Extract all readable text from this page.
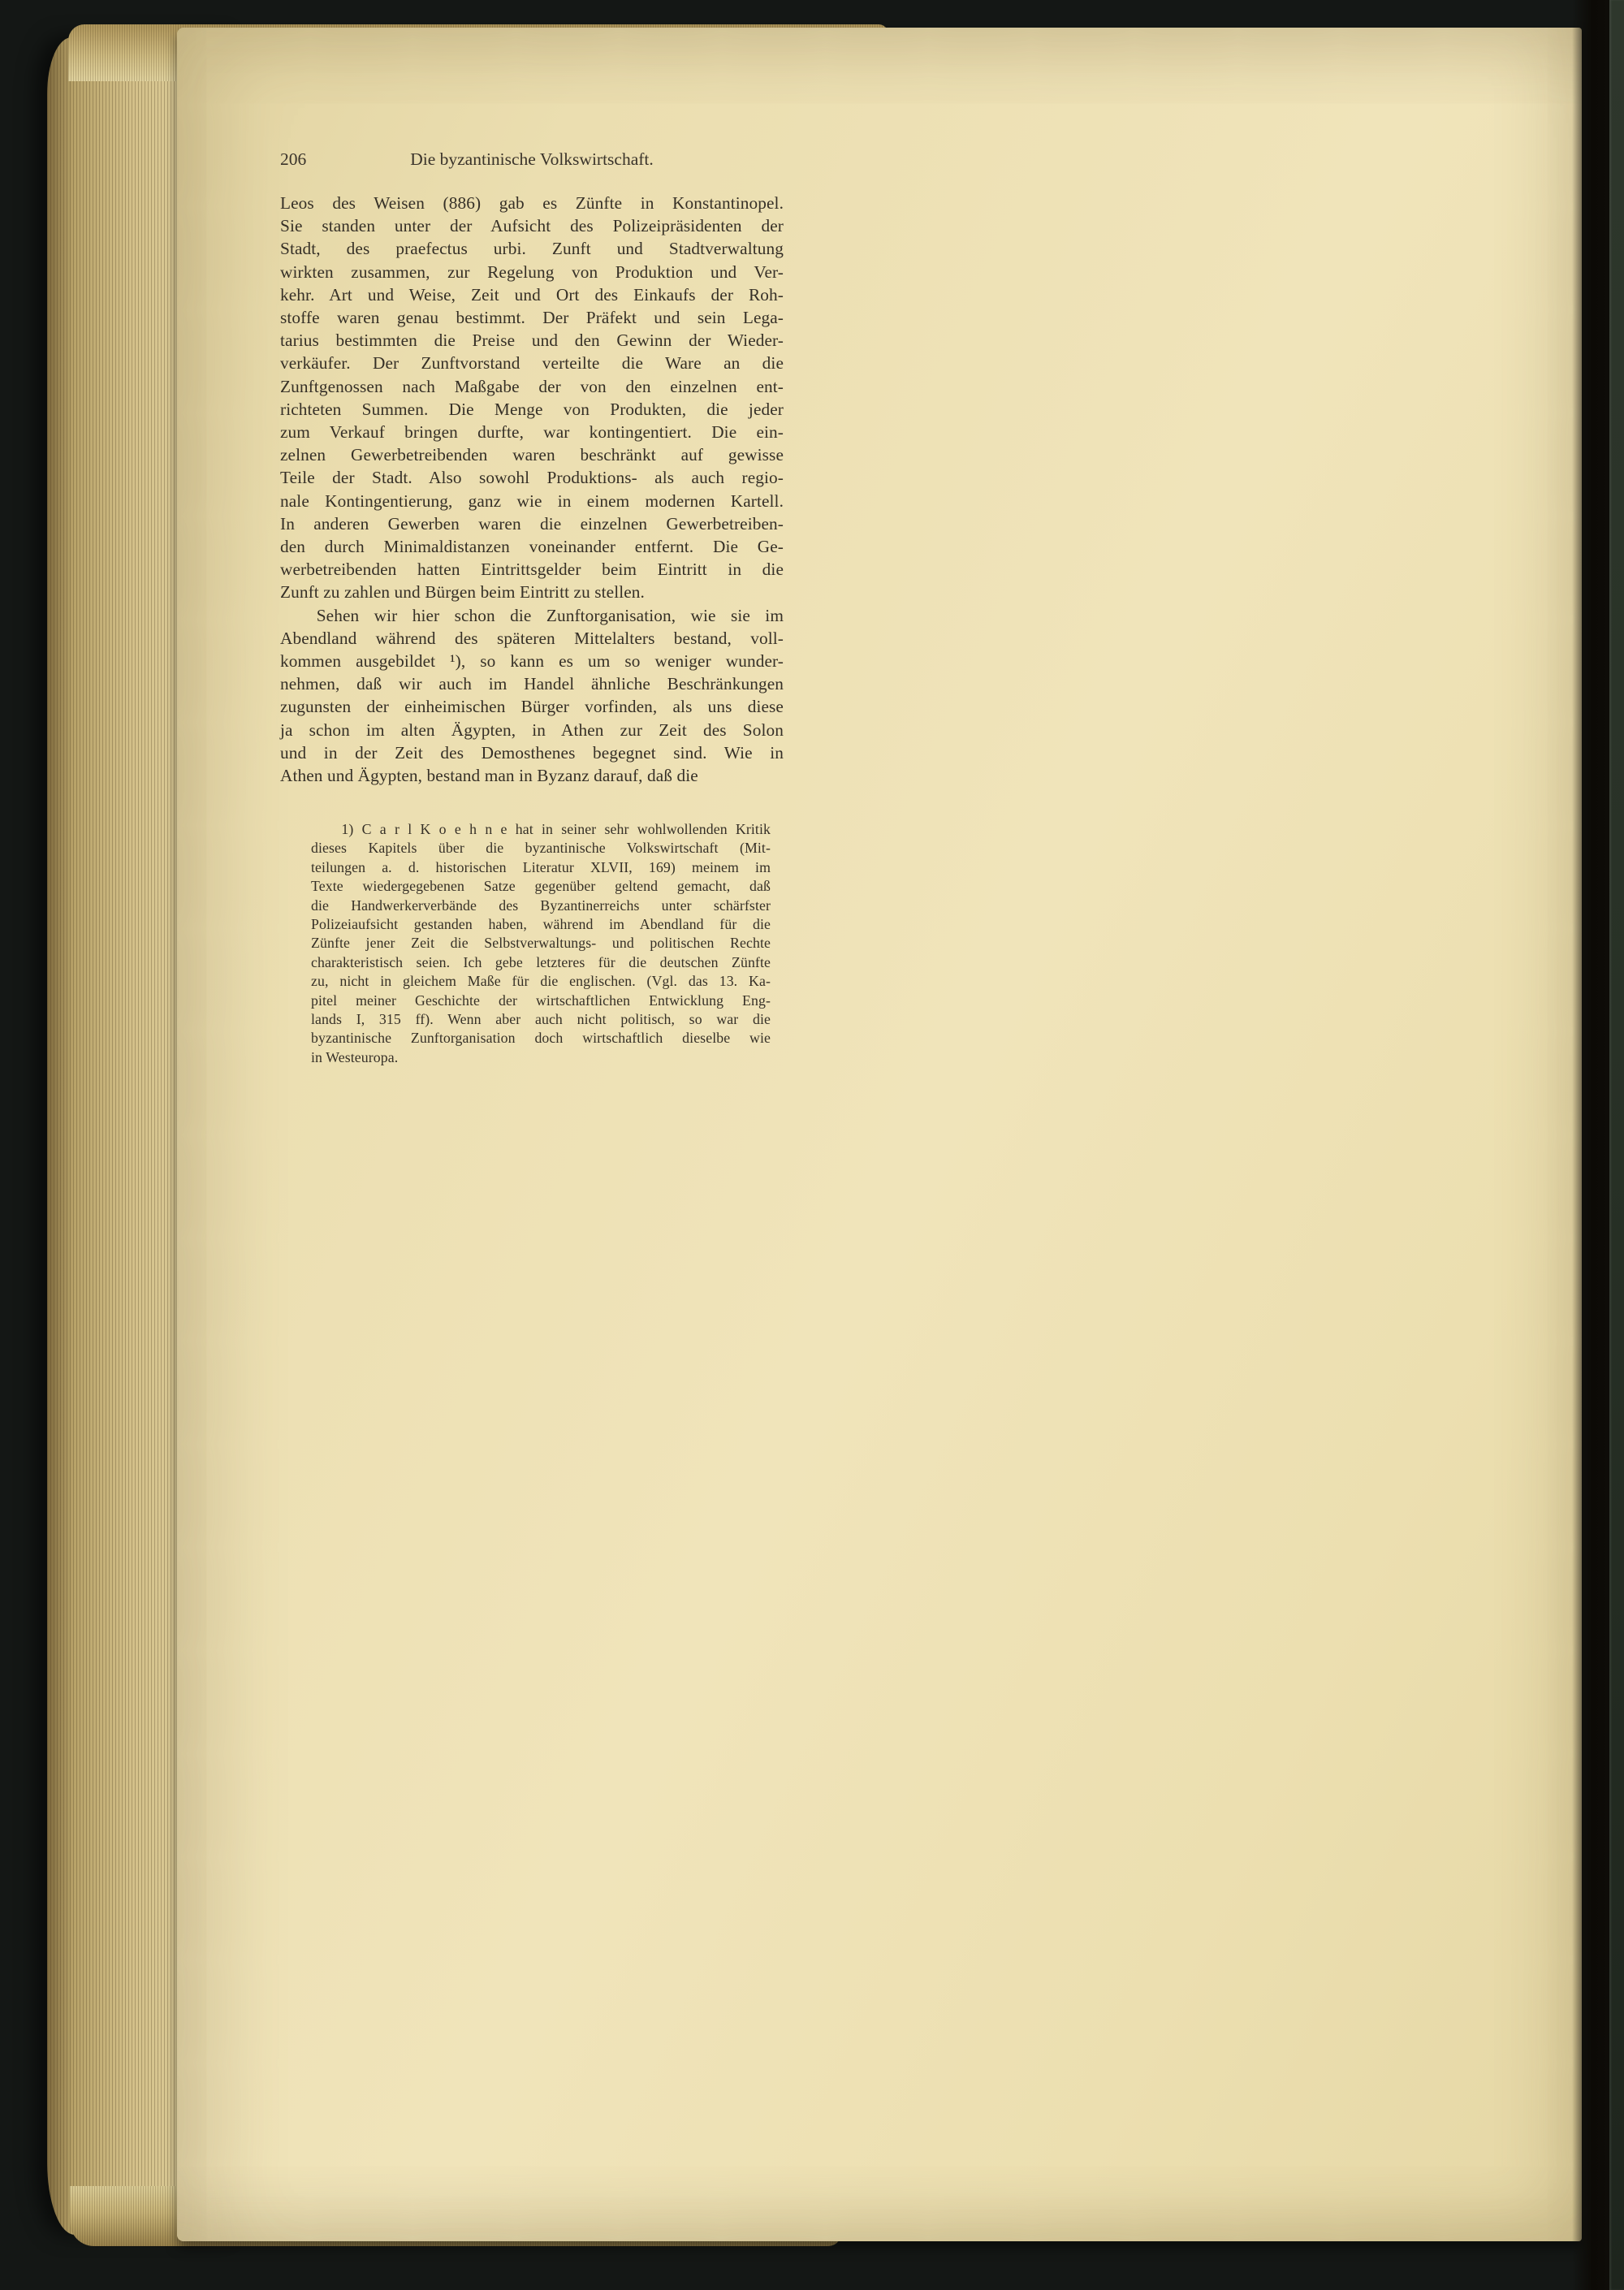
206	Die byzantinische Volkswirtschaft.
Leos des Weisen (886) gab es Zünfte in Konstantinopel.
Sie standen unter der Aufsicht des Polizeipräsidenten der
Stadt, des praefectus urbi. Zunft und Stadtverwaltung
wirkten zusammen, zur Regelung von Produktion und Ver-
kehr. Art und Weise, Zeit und Ort des Einkaufs der Roh-
stoffe waren genau bestimmt. Der Präfekt und sein Lega-
tarius bestimmten die Preise und den Gewinn der Wieder-
verkäufer. Der Zunftvorstand verteilte die Ware an die
Zunftgenossen nach Maßgabe der von den einzelnen ent-
richteten Summen. Die Menge von Produkten, die jeder
zum Verkauf bringen durfte, war kontingentiert. Die ein-
zelnen Gewerbetreibenden waren beschränkt auf gewisse
Teile der Stadt. Also sowohl Produktions- als auch regio-
nale Kontingentierung, ganz wie in einem modernen Kartell.
In anderen Gewerben waren die einzelnen Gewerbetreiben-
den durch Minimaldistanzen voneinander entfernt. Die Ge-
werbetreibenden hatten Eintrittsgelder beim Eintritt in die
Zunft zu zahlen und Bürgen beim Eintritt zu stellen.
Sehen wir hier schon die Zunftorganisation, wie sie im
Abendland während des späteren Mittelalters bestand, voll-
kommen ausgebildet ¹), so kann es um so weniger wunder-
nehmen, daß wir auch im Handel ähnliche Beschränkungen
zugunsten der einheimischen Bürger vorfinden, als uns diese
ja schon im alten Ägypten, in Athen zur Zeit des Solon
und in der Zeit des Demosthenes begegnet sind. Wie in
Athen und Ägypten, bestand man in Byzanz darauf, daß die
1) C a r l K o e h n e hat in seiner sehr wohlwollenden Kritik
dieses Kapitels über die byzantinische Volkswirtschaft (Mit-
teilungen a. d. historischen Literatur XLVII, 169) meinem im
Texte wiedergegebenen Satze gegenüber geltend gemacht, daß
die Handwerkerverbände des Byzantinerreichs unter schärfster
Polizeiaufsicht gestanden haben, während im Abendland für die
Zünfte jener Zeit die Selbstverwaltungs- und politischen Rechte
charakteristisch seien. Ich gebe letzteres für die deutschen Zünfte
zu, nicht in gleichem Maße für die englischen. (Vgl. das 13. Ka-
pitel meiner Geschichte der wirtschaftlichen Entwicklung Eng-
lands I, 315 ff). Wenn aber auch nicht politisch, so war die
byzantinische Zunftorganisation doch wirtschaftlich dieselbe wie
in Westeuropa.
